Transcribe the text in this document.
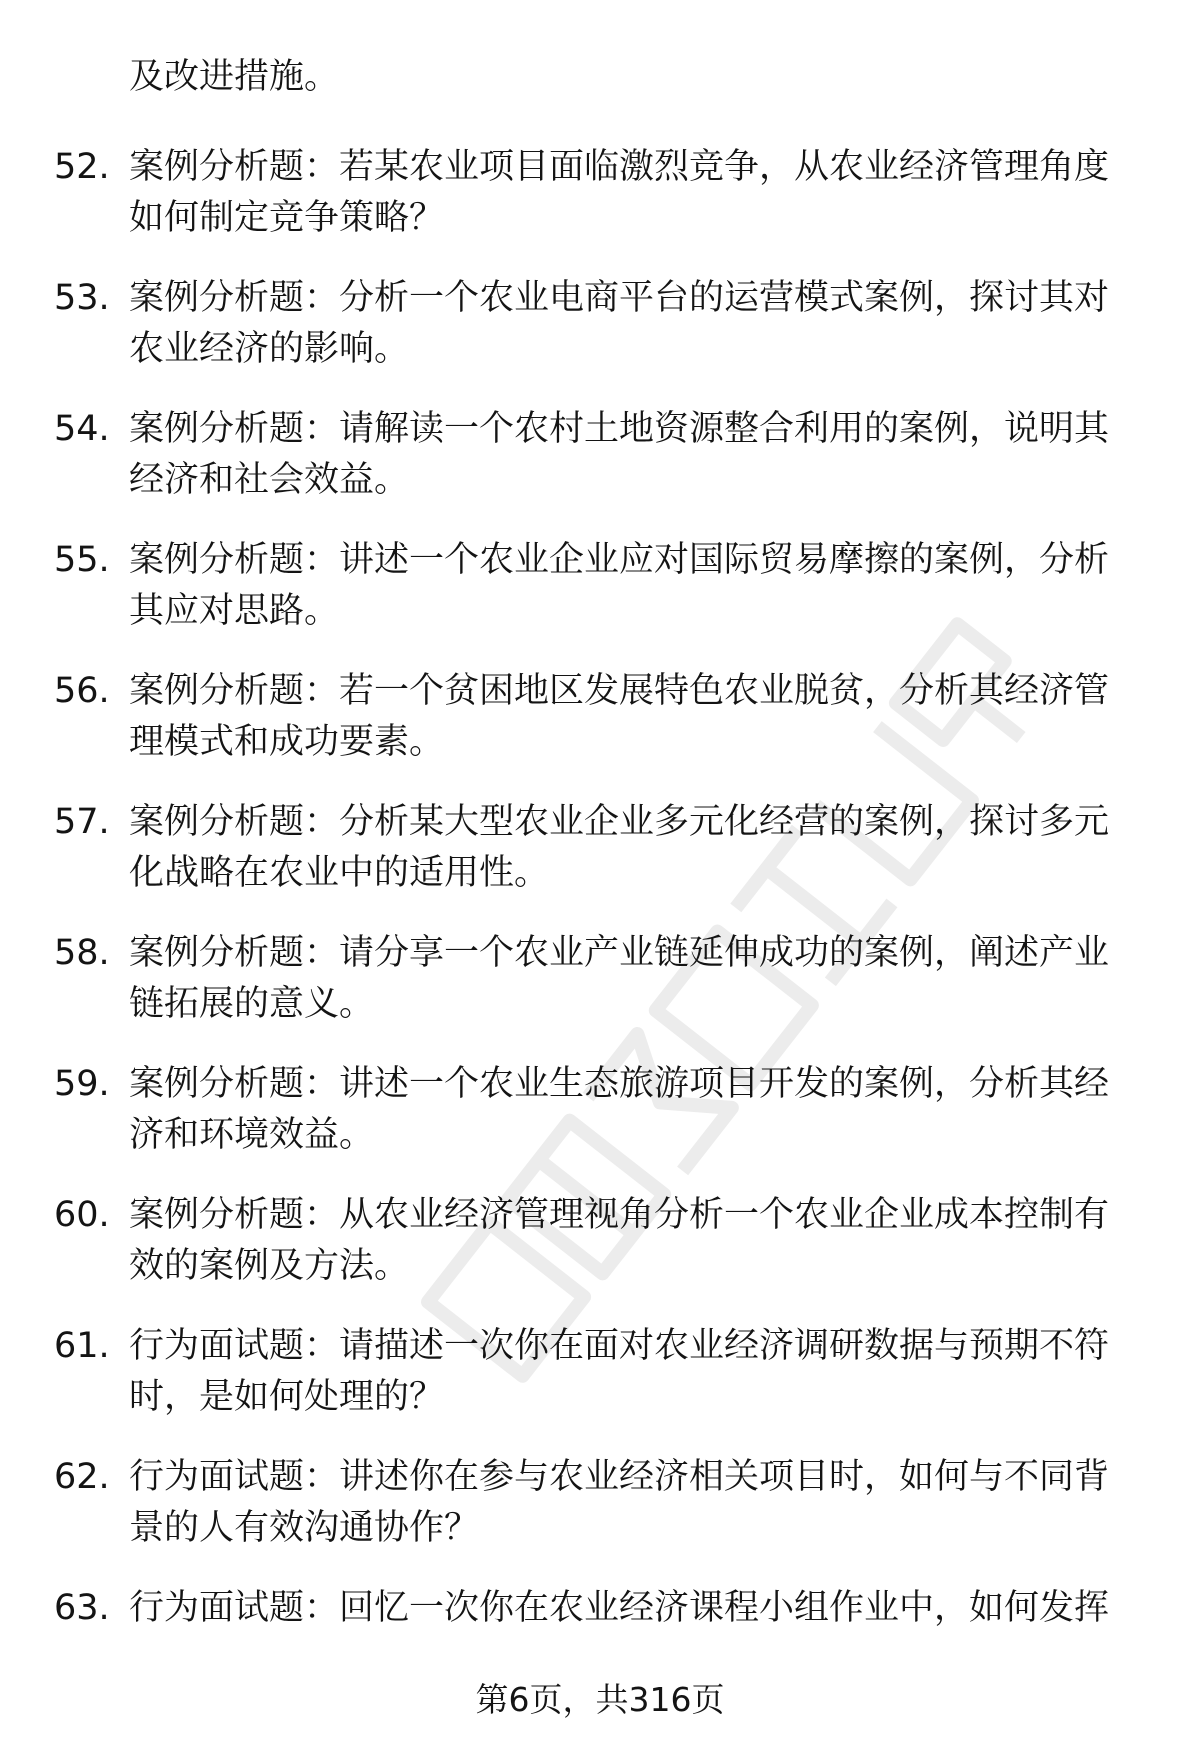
及改进措施。

52. 案例分析题：若某农业项目面临激烈竞争，从农业经济管理角度
如何制定竞争策略？
53. 案例分析题：分析一个农业电商平台的运营模式案例，探讨其对
农业经济的影响。
54. 案例分析题：请解读一个农村土地资源整合利用的案例，说明其
经济和社会效益。
55. 案例分析题：讲述一个农业企业应对国际贸易摩擦的案例，分析
其应对思路。
56. 案例分析题：若一个贫困地区发展特色农业脱贫，分析其经济管
理模式和成功要素。
57. 案例分析题：分析某大型农业企业多元化经营的案例，探讨多元
化战略在农业中的适用性。
58. 案例分析题：请分享一个农业产业链延伸成功的案例，阐述产业
链拓展的意义。
59. 案例分析题：讲述一个农业生态旅游项目开发的案例，分析其经
济和环境效益。
60. 案例分析题：从农业经济管理视角分析一个农业企业成本控制有
效的案例及方法。
61. 行为面试题：请描述一次你在面对农业经济调研数据与预期不符
时，是如何处理的？
62. 行为面试题：讲述你在参与农业经济相关项目时，如何与不同背
景的人有效沟通协作？
63. 行为面试题：回忆一次你在农业经济课程小组作业中，如何发挥

第6页，共316页
